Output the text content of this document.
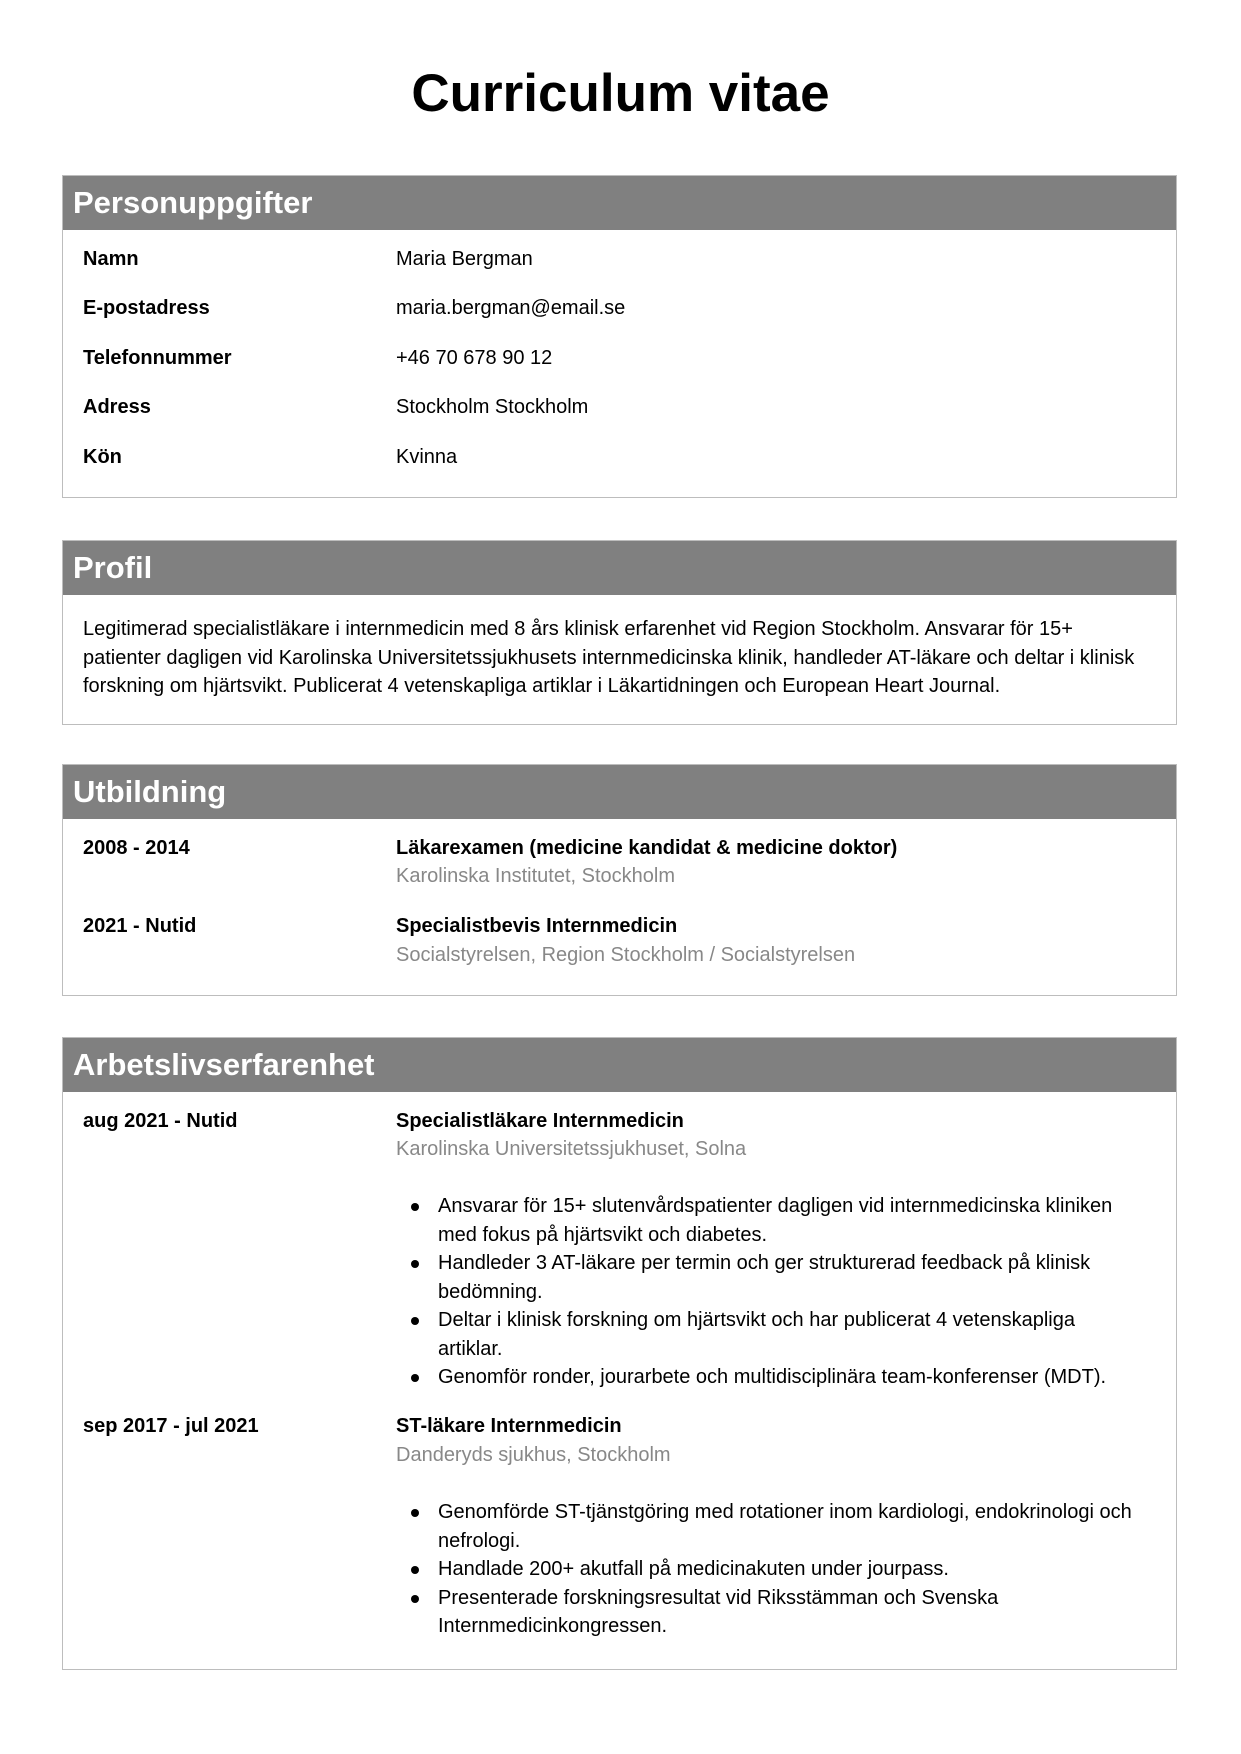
Curriculum vitae
Personuppgifter
Namn	Maria Bergman
E-postadress	maria.bergman@email.se
Telefonnummer	+46 70 678 90 12
Adress	Stockholm Stockholm
Kön	Kvinna
Profil
Legitimerad specialistläkare i internmedicin med 8 års klinisk erfarenhet vid Region Stockholm. Ansvarar för 15+ patienter dagligen vid Karolinska Universitetssjukhusets internmedicinska klinik, handleder AT-läkare och deltar i klinisk forskning om hjärtsvikt. Publicerat 4 vetenskapliga artiklar i Läkartidningen och European Heart Journal.
Utbildning
2008 - 2014	Läkarexamen (medicine kandidat & medicine doktor)
Karolinska Institutet, Stockholm
2021 - Nutid	Specialistbevis Internmedicin
Socialstyrelsen, Region Stockholm / Socialstyrelsen
Arbetslivserfarenhet
aug 2021 - Nutid	Specialistläkare Internmedicin
Karolinska Universitetssjukhuset, Solna
Ansvarar för 15+ slutenvårdspatienter dagligen vid internmedicinska kliniken med fokus på hjärtsvikt och diabetes.
Handleder 3 AT-läkare per termin och ger strukturerad feedback på klinisk bedömning.
Deltar i klinisk forskning om hjärtsvikt och har publicerat 4 vetenskapliga artiklar.
Genomför ronder, jourarbete och multidisciplinära team-konferenser (MDT).
sep 2017 - jul 2021	ST-läkare Internmedicin
Danderyds sjukhus, Stockholm
Genomförde ST-tjänstgöring med rotationer inom kardiologi, endokrinologi och nefrologi.
Handlade 200+ akutfall på medicinakuten under jourpass.
Presenterade forskningsresultat vid Riksstämman och Svenska Internmedicinkongressen.
